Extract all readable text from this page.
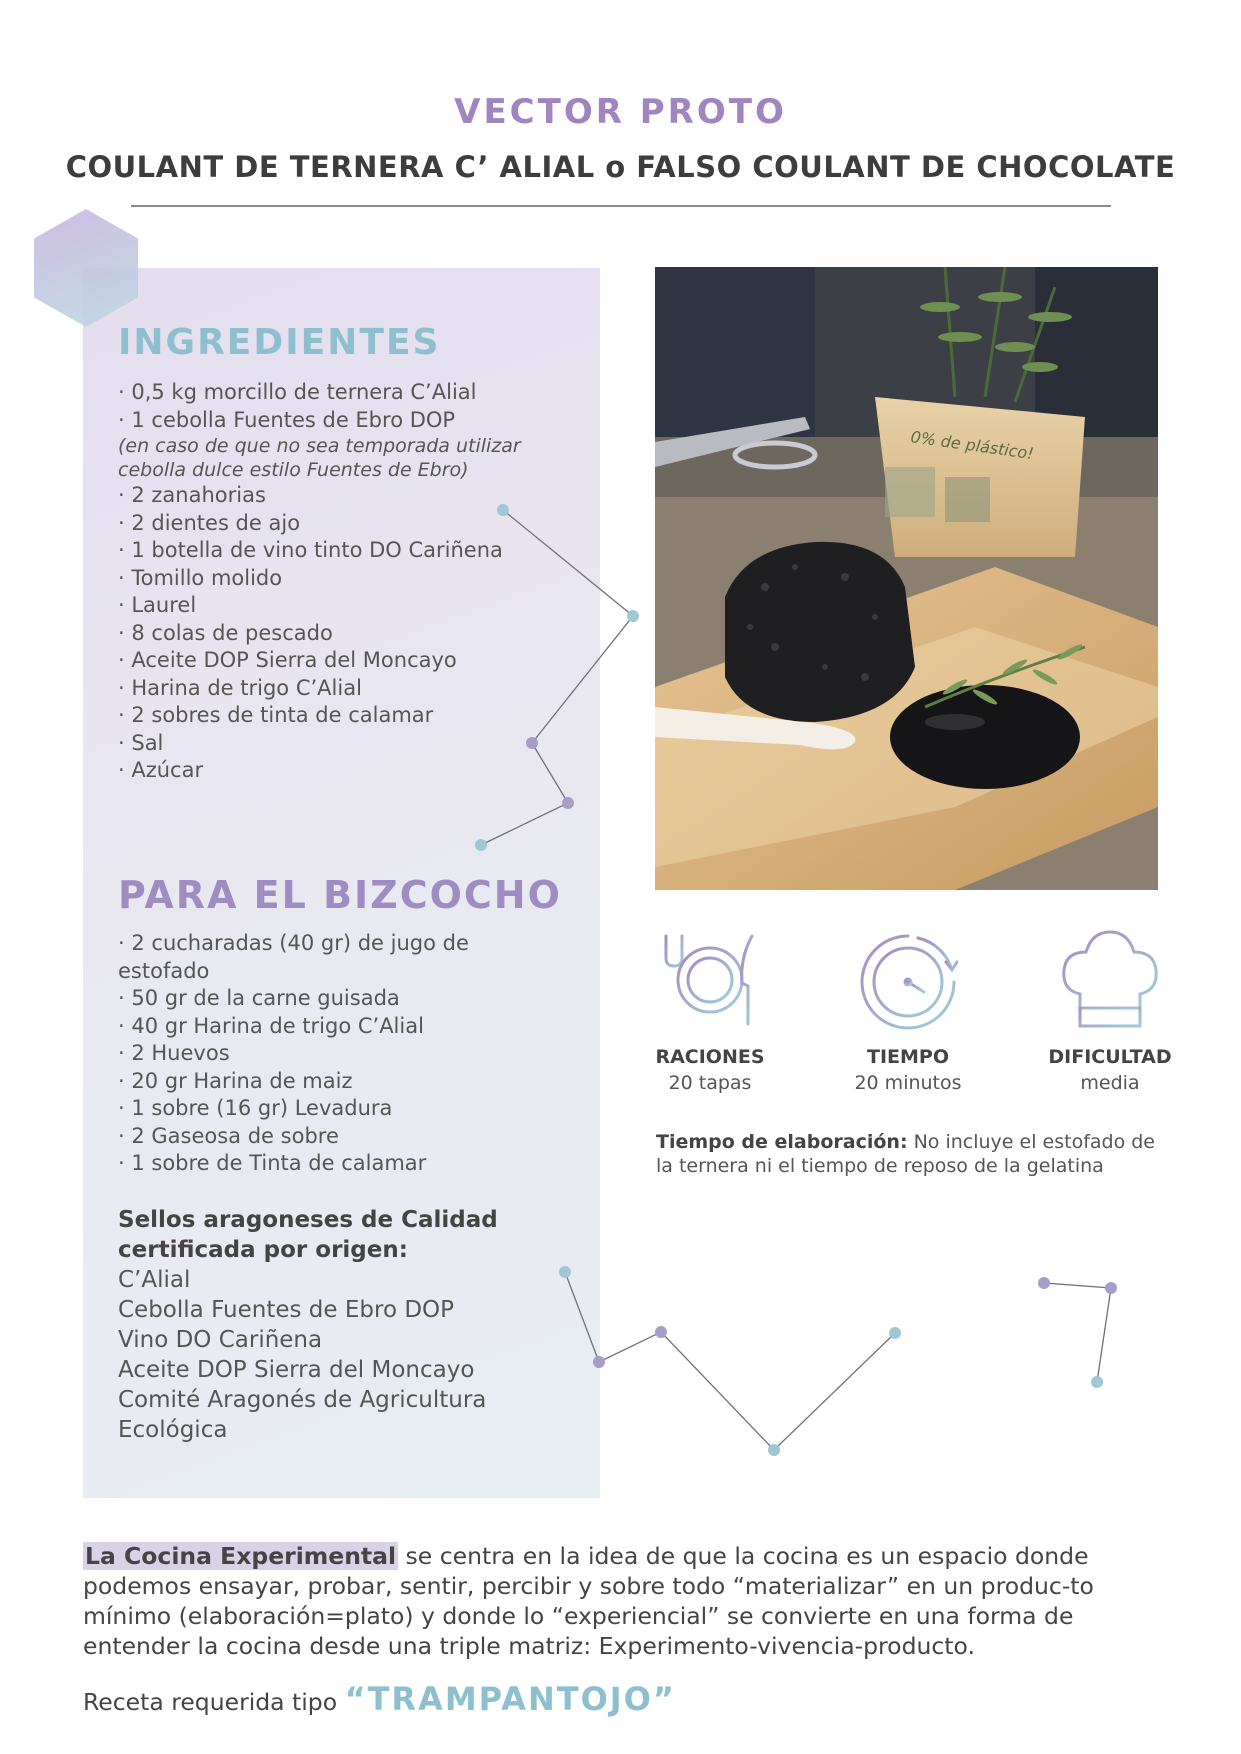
VECTOR PROTO
COULANT DE TERNERA C’ ALIAL o FALSO COULANT DE CHOCOLATE
INGREDIENTES
· 0,5 kg morcillo de ternera C’Alial
· 1 cebolla Fuentes de Ebro DOP
(en caso de que no sea temporada utilizar cebolla dulce estilo Fuentes de Ebro)
· 2 zanahorias
· 2 dientes de ajo
· 1 botella de vino tinto DO Cariñena
· Tomillo molido
· Laurel
· 8 colas de pescado
· Aceite DOP Sierra del Moncayo
· Harina de trigo C’Alial
· 2 sobres de tinta de calamar
· Sal
· Azúcar
PARA EL BIZCOCHO
· 2 cucharadas (40 gr) de jugo de estofado
· 50 gr de la carne guisada
· 40 gr Harina de trigo C’Alial
· 2 Huevos
· 20 gr Harina de maiz
· 1 sobre (16 gr) Levadura
· 2 Gaseosa de sobre
· 1 sobre de Tinta de calamar
Sellos aragoneses de Calidad certificada por origen:
C’Alial
Cebolla Fuentes de Ebro DOP
Vino DO Cariñena
Aceite DOP Sierra del Moncayo
Comité Aragonés de Agricultura Ecológica
0% de plástico!
RACIONES
20 tapas
TIEMPO
20 minutos
DIFICULTAD
media
Tiempo de elaboración: No incluye el estofado de la ternera ni el tiempo de reposo de la gelatina
La Cocina Experimental se centra en la idea de que la cocina es un espacio donde podemos ensayar, probar, sentir, percibir y sobre todo “materializar” en un produc-to mínimo (elaboración=plato) y donde lo “experiencial” se convierte en una forma de entender la cocina desde una triple matriz: Experimento-vivencia-producto.
Receta requerida tipo “TRAMPANTOJO”
